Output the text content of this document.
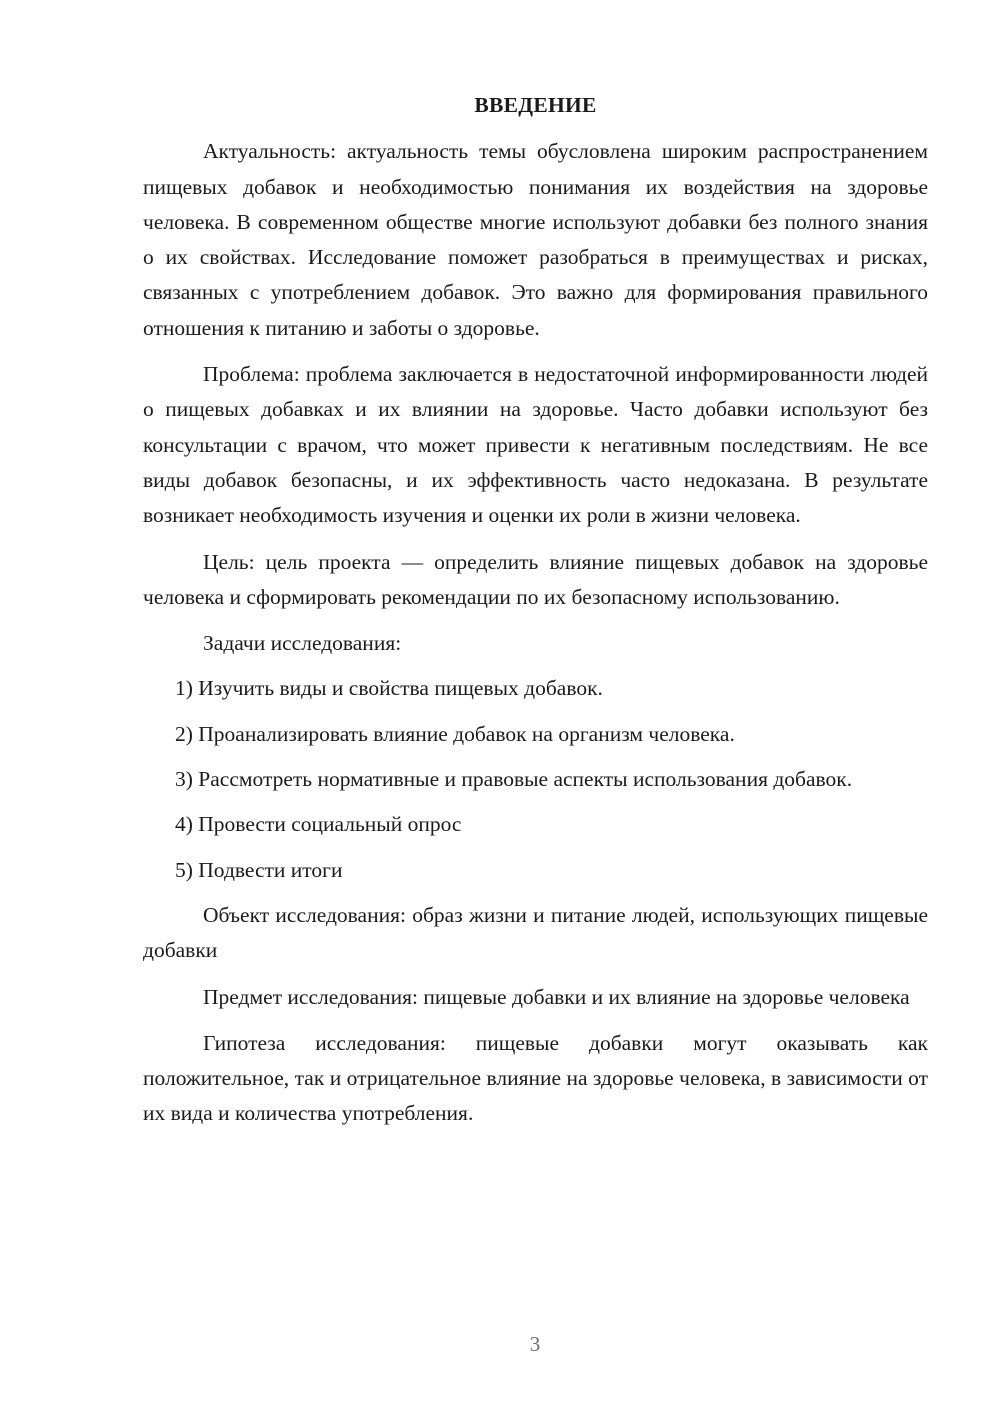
ВВЕДЕНИЕ

Актуальность: актуальность темы обусловлена широким распространением пищевых добавок и необходимостью понимания их воздействия на здоровье человека. В современном обществе многие используют добавки без полного знания о их свойствах. Исследование поможет разобраться в преимуществах и рисках, связанных с употреблением добавок. Это важно для формирования правильного отношения к питанию и заботы о здоровье.

Проблема: проблема заключается в недостаточной информированности людей о пищевых добавках и их влиянии на здоровье. Часто добавки используют без консультации с врачом, что может привести к негативным последствиям. Не все виды добавок безопасны, и их эффективность часто недоказана. В результате возникает необходимость изучения и оценки их роли в жизни человека.

Цель: цель проекта — определить влияние пищевых добавок на здоровье человека и сформировать рекомендации по их безопасному использованию.

Задачи исследования:

1) Изучить виды и свойства пищевых добавок.

2) Проанализировать влияние добавок на организм человека.

3) Рассмотреть нормативные и правовые аспекты использования добавок.

4) Провести социальный опрос

5) Подвести итоги

Объект исследования: образ жизни и питание людей, использующих пищевые добавки

Предмет исследования: пищевые добавки и их влияние на здоровье человека

Гипотеза исследования: пищевые добавки могут оказывать как положительное, так и отрицательное влияние на здоровье человека, в зависимости от их вида и количества употребления.

3
